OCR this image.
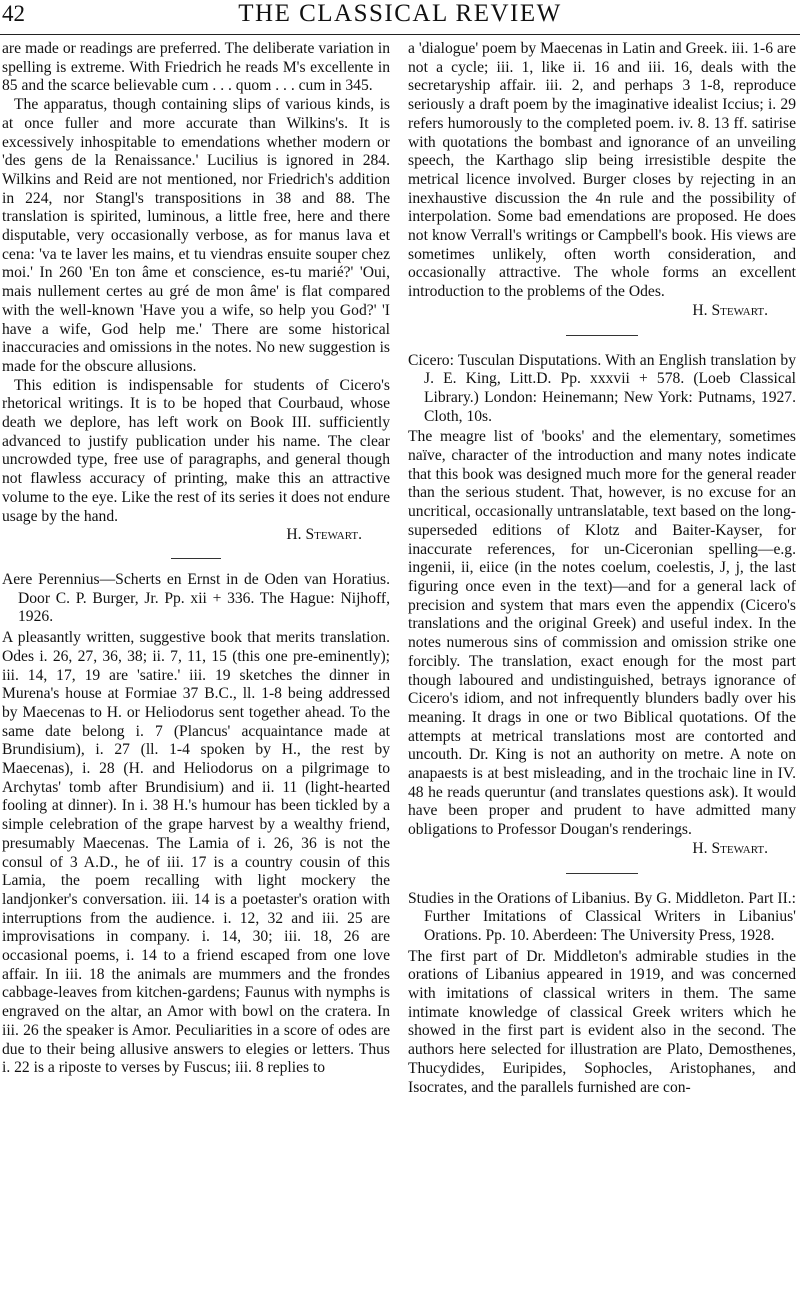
42	THE CLASSICAL REVIEW

are made or readings are preferred. The deliberate variation in spelling is extreme. With Friedrich he reads M's excellente in 85 and the scarce believable cum . . . quom . . . cum in 345.

The apparatus, though containing slips of various kinds, is at once fuller and more accurate than Wilkins's. It is excessively inhospitable to emendations whether modern or 'des gens de la Renaissance.' Lucilius is ignored in 284. Wilkins and Reid are not mentioned, nor Friedrich's addition in 224, nor Stangl's transpositions in 38 and 88. The translation is spirited, luminous, a little free, here and there disputable, very occasionally verbose, as for manus lava et cena: 'va te laver les mains, et tu viendras ensuite souper chez moi.' In 260 'En ton âme et conscience, es-tu marié?' 'Oui, mais nullement certes au gré de mon âme' is flat compared with the well-known 'Have you a wife, so help you God?' 'I have a wife, God help me.' There are some historical inaccuracies and omissions in the notes. No new suggestion is made for the obscure allusions.

This edition is indispensable for students of Cicero's rhetorical writings. It is to be hoped that Courbaud, whose death we deplore, has left work on Book III. sufficiently advanced to justify publication under his name. The clear uncrowded type, free use of paragraphs, and general though not flawless accuracy of printing, make this an attractive volume to the eye. Like the rest of its series it does not endure usage by the hand.

H. Stewart.

Aere Perennius—Scherts en Ernst in de Oden van Horatius. Door C. P. Burger, Jr. Pp. xii + 336. The Hague: Nijhoff, 1926.

A pleasantly written, suggestive book that merits translation. Odes i. 26, 27, 36, 38; ii. 7, 11, 15 (this one pre-eminently); iii. 14, 17, 19 are 'satire.' iii. 19 sketches the dinner in Murena's house at Formiae 37 B.C., ll. 1-8 being addressed by Maecenas to H. or Heliodorus sent together ahead. To the same date belong i. 7 (Plancus' acquaintance made at Brundisium), i. 27 (ll. 1-4 spoken by H., the rest by Maecenas), i. 28 (H. and Heliodorus on a pilgrimage to Archytas' tomb after Brundisium) and ii. 11 (light-hearted fooling at dinner). In i. 38 H.'s humour has been tickled by a simple celebration of the grape harvest by a wealthy friend, presumably Maecenas. The Lamia of i. 26, 36 is not the consul of 3 A.D., he of iii. 17 is a country cousin of this Lamia, the poem recalling with light mockery the landjonker's conversation. iii. 14 is a poetaster's oration with interruptions from the audience. i. 12, 32 and iii. 25 are improvisations in company. i. 14, 30; iii. 18, 26 are occasional poems, i. 14 to a friend escaped from one love affair. In iii. 18 the animals are mummers and the frondes cabbage-leaves from kitchen-gardens; Faunus with nymphs is engraved on the altar, an Amor with bowl on the cratera. In iii. 26 the speaker is Amor. Peculiarities in a score of odes are due to their being allusive answers to elegies or letters. Thus i. 22 is a riposte to verses by Fuscus; iii. 8 replies to

a 'dialogue' poem by Maecenas in Latin and Greek. iii. 1-6 are not a cycle; iii. 1, like ii. 16 and iii. 16, deals with the secretaryship affair. iii. 2, and perhaps 3 1-8, reproduce seriously a draft poem by the imaginative idealist Iccius; i. 29 refers humorously to the completed poem. iv. 8. 13 ff. satirise with quotations the bombast and ignorance of an unveiling speech, the Karthago slip being irresistible despite the metrical licence involved. Burger closes by rejecting in an inexhaustive discussion the 4n rule and the possibility of interpolation. Some bad emendations are proposed. He does not know Verrall's writings or Campbell's book. His views are sometimes unlikely, often worth consideration, and occasionally attractive. The whole forms an excellent introduction to the problems of the Odes.

H. Stewart.

Cicero: Tusculan Disputations. With an English translation by J. E. King, Litt.D. Pp. xxxvii + 578. (Loeb Classical Library.) London: Heinemann; New York: Putnams, 1927. Cloth, 10s.

The meagre list of 'books' and the elementary, sometimes naïve, character of the introduction and many notes indicate that this book was designed much more for the general reader than the serious student. That, however, is no excuse for an uncritical, occasionally untranslatable, text based on the long-superseded editions of Klotz and Baiter-Kayser, for inaccurate references, for un-Ciceronian spelling—e.g. ingenii, ii, eiice (in the notes coelum, coelestis, J, j, the last figuring once even in the text)—and for a general lack of precision and system that mars even the appendix (Cicero's translations and the original Greek) and useful index. In the notes numerous sins of commission and omission strike one forcibly. The translation, exact enough for the most part though laboured and undistinguished, betrays ignorance of Cicero's idiom, and not infrequently blunders badly over his meaning. It drags in one or two Biblical quotations. Of the attempts at metrical translations most are contorted and uncouth. Dr. King is not an authority on metre. A note on anapaests is at best misleading, and in the trochaic line in IV. 48 he reads queruntur (and translates questions ask). It would have been proper and prudent to have admitted many obligations to Professor Dougan's renderings.

H. Stewart.

Studies in the Orations of Libanius. By G. Middleton. Part II.: Further Imitations of Classical Writers in Libanius' Orations. Pp. 10. Aberdeen: The University Press, 1928.

The first part of Dr. Middleton's admirable studies in the orations of Libanius appeared in 1919, and was concerned with imitations of classical writers in them. The same intimate knowledge of classical Greek writers which he showed in the first part is evident also in the second. The authors here selected for illustration are Plato, Demosthenes, Thucydides, Euripides, Sophocles, Aristophanes, and Isocrates, and the parallels furnished are con-
